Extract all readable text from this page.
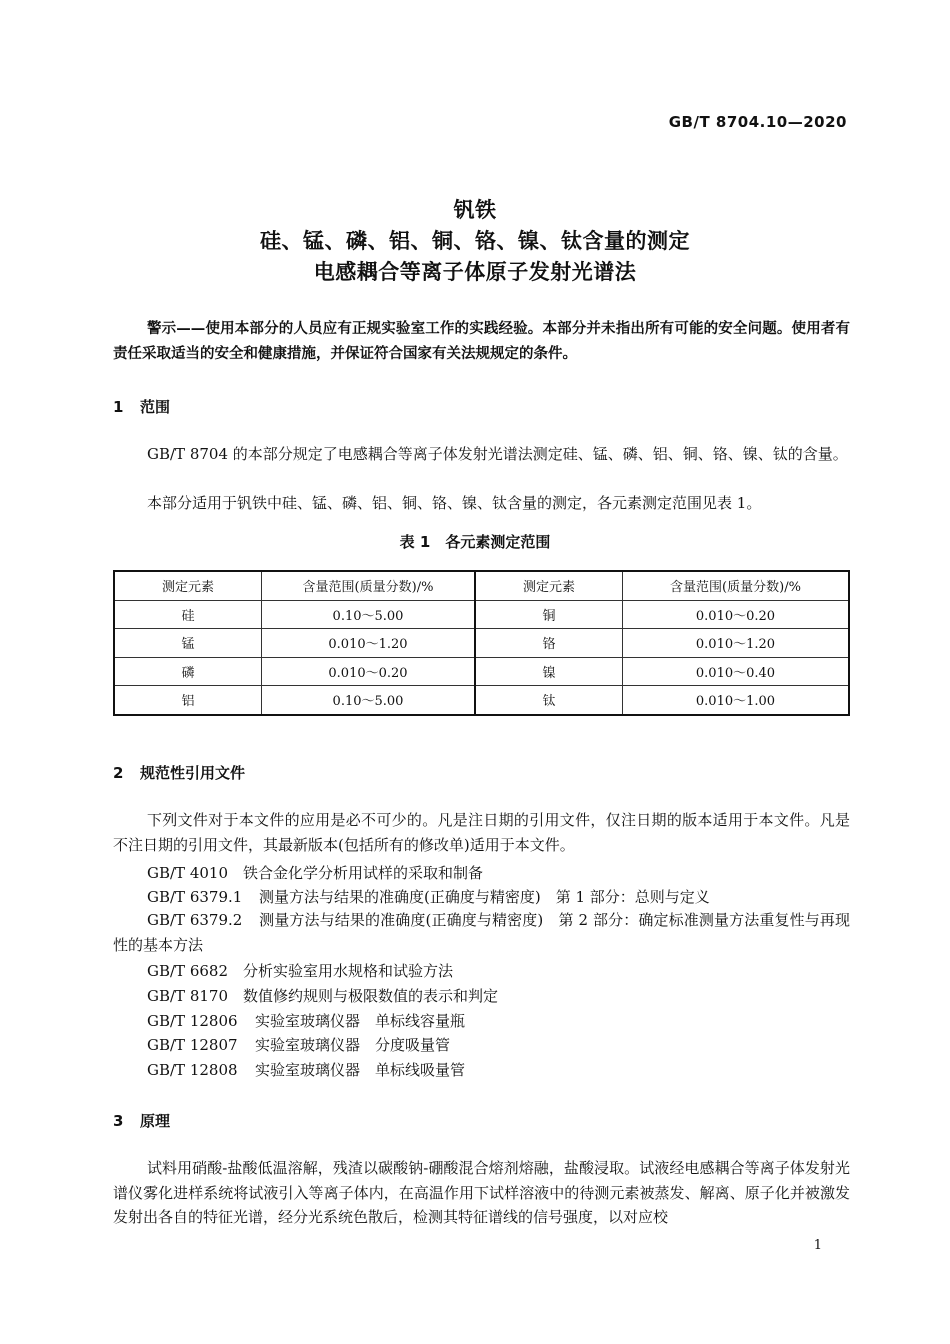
GB/T 8704.10—2020
钒铁
硅、锰、磷、铝、铜、铬、镍、钛含量的测定
电感耦合等离子体原子发射光谱法
警示——使用本部分的人员应有正规实验室工作的实践经验。本部分并未指出所有可能的安全问题。使用者有责任采取适当的安全和健康措施，并保证符合国家有关法规规定的条件。
1 范围
GB/T 8704 的本部分规定了电感耦合等离子体发射光谱法测定硅、锰、磷、铝、铜、铬、镍、钛的含量。
本部分适用于钒铁中硅、锰、磷、铝、铜、铬、镍、钛含量的测定，各元素测定范围见表 1。
表 1　各元素测定范围
测定元素	含量范围(质量分数)/%	测定元素	含量范围(质量分数)/%
硅	0.10～5.00	铜	0.010～0.20
锰	0.010～1.20	铬	0.010～1.20
磷	0.010～0.20	镍	0.010～0.40
铝	0.10～5.00	钛	0.010～1.00
2 规范性引用文件
下列文件对于本文件的应用是必不可少的。凡是注日期的引用文件，仅注日期的版本适用于本文件。凡是不注日期的引用文件，其最新版本(包括所有的修改单)适用于本文件。
GB/T 4010 铁合金化学分析用试样的采取和制备
GB/T 6379.1 测量方法与结果的准确度(正确度与精密度)　第 1 部分：总则与定义
GB/T 6379.2 测量方法与结果的准确度(正确度与精密度)　第 2 部分：确定标准测量方法重复性与再现性的基本方法
GB/T 6682 分析实验室用水规格和试验方法
GB/T 8170 数值修约规则与极限数值的表示和判定
GB/T 12806 实验室玻璃仪器　单标线容量瓶
GB/T 12807 实验室玻璃仪器　分度吸量管
GB/T 12808 实验室玻璃仪器　单标线吸量管
3 原理
试料用硝酸-盐酸低温溶解，残渣以碳酸钠-硼酸混合熔剂熔融，盐酸浸取。试液经电感耦合等离子体发射光谱仪雾化进样系统将试液引入等离子体内，在高温作用下试样溶液中的待测元素被蒸发、解离、原子化并被激发发射出各自的特征光谱，经分光系统色散后，检测其特征谱线的信号强度，以对应校
1
